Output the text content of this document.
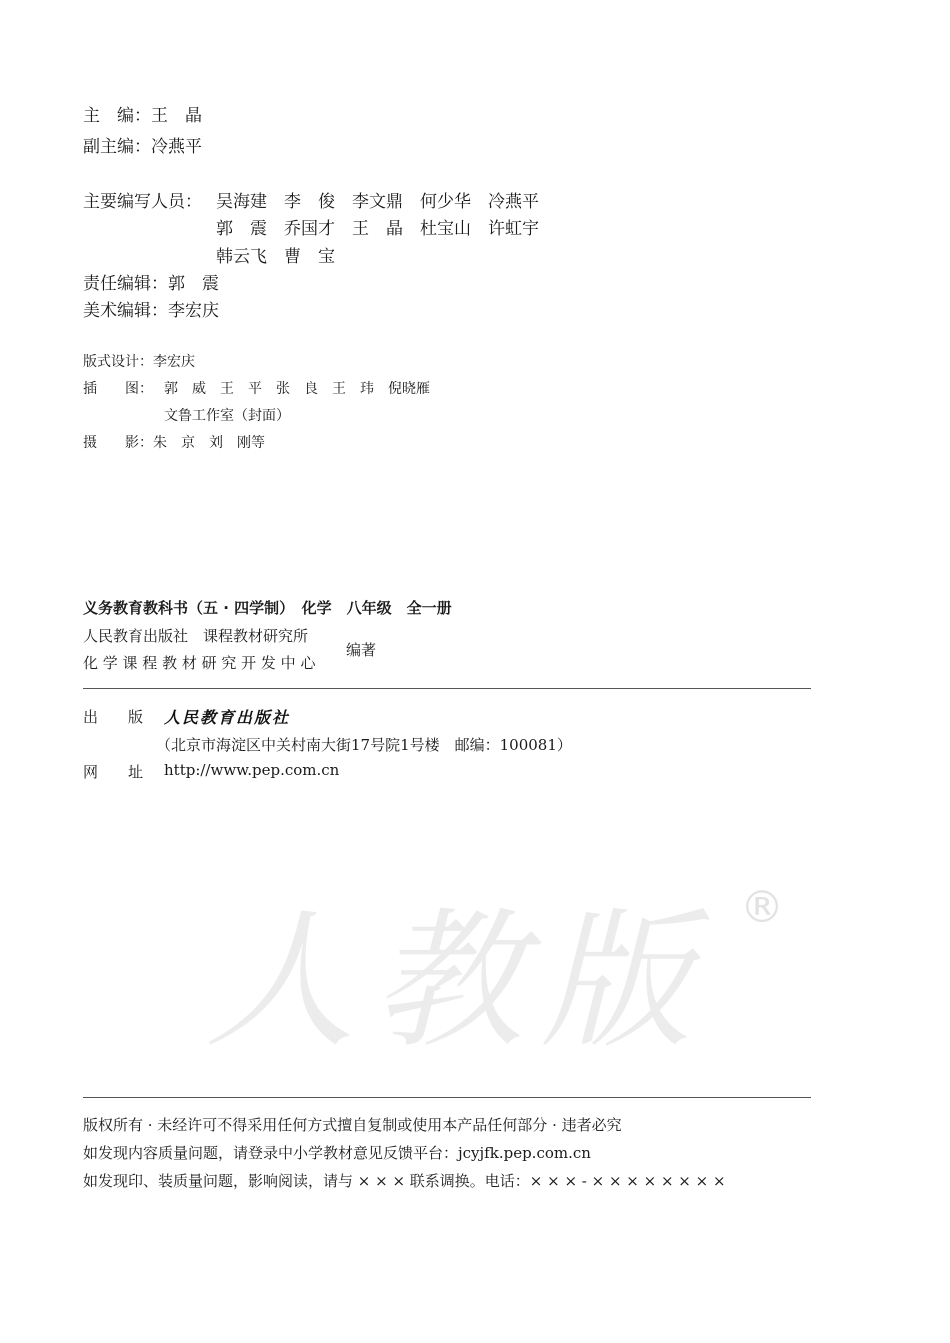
主　编：王　晶
副主编：冷燕平
主要编写人员： 吴海建　李　俊　李文鼎　何少华　冷燕平
郭　震　乔国才　王　晶　杜宝山　许虹宇
韩云飞　曹　宝
责任编辑：郭　震
美术编辑：李宏庆
版式设计：李宏庆
插　　图： 郭　威　王　平　张　良　王　玮　倪晓雁
文鲁工作室（封面）
摄　　影：朱　京　刘　刚等
义务教育教科书（五 · 四学制）　化学　八年级　全一册
人民教育出版社　课程教材研究所
化 学 课 程 教 材 研 究 开 发 中 心
编著
出　　版 人民教育出版社
（北京市海淀区中关村南大街17号院1号楼　邮编：100081）
网　　址 http://www.pep.com.cn
人教版 ®
版权所有 · 未经许可不得采用任何方式擅自复制或使用本产品任何部分 · 违者必究
如发现内容质量问题，请登录中小学教材意见反馈平台：jcyjfk.pep.com.cn
如发现印、装质量问题，影响阅读，请与 × × × 联系调换。电话：× × × - × × × × × × × ×
